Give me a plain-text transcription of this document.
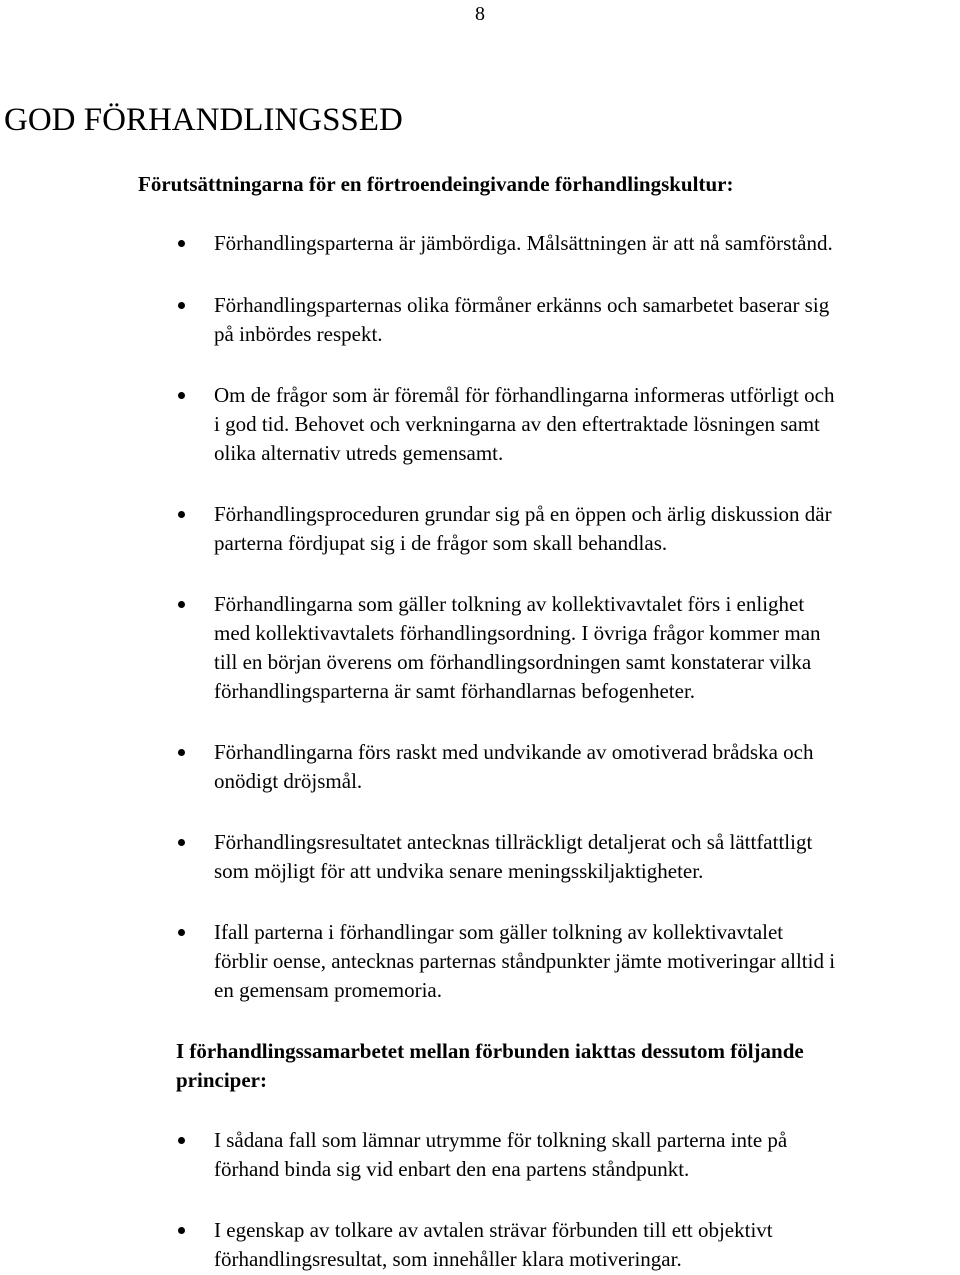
8
GOD FÖRHANDLINGSSED
Förutsättningarna för en förtroendeingivande förhandlingskultur:
Förhandlingsparterna är jämbördiga. Målsättningen är att nå samförstånd.
Förhandlingsparternas olika förmåner erkänns och samarbetet baserar sig
på inbördes respekt.
Om de frågor som är föremål för förhandlingarna informeras utförligt och
i god tid. Behovet och verkningarna av den eftertraktade lösningen samt
olika alternativ utreds gemensamt.
Förhandlingsproceduren grundar sig på en öppen och ärlig diskussion där
parterna fördjupat sig i de frågor som skall behandlas.
Förhandlingarna som gäller tolkning av kollektivavtalet förs i enlighet
med kollektivavtalets förhandlingsordning. I övriga frågor kommer man
till en början överens om förhandlingsordningen samt konstaterar vilka
förhandlingsparterna är samt förhandlarnas befogenheter.
Förhandlingarna förs raskt med undvikande av omotiverad brådska och
onödigt dröjsmål.
Förhandlingsresultatet antecknas tillräckligt detaljerat och så lättfattligt
som möjligt för att undvika senare meningsskiljaktigheter.
Ifall parterna i förhandlingar som gäller tolkning av kollektivavtalet
förblir oense, antecknas parternas ståndpunkter jämte motiveringar alltid i
en gemensam promemoria.
I förhandlingssamarbetet mellan förbunden iakttas dessutom följande
principer:
I sådana fall som lämnar utrymme för tolkning skall parterna inte på
förhand binda sig vid enbart den ena partens ståndpunkt.
I egenskap av tolkare av avtalen strävar förbunden till ett objektivt
förhandlingsresultat, som innehåller klara motiveringar.
